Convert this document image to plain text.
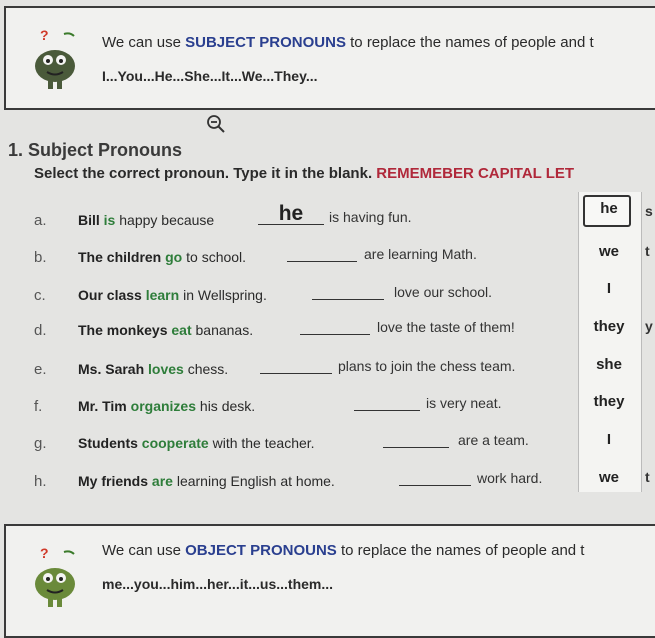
?	We can use SUBJECT PRONOUNS to replace the names of people and t
I...You...He...She...It...We...They...
1. Subject Pronouns
Select the correct pronoun. Type it in the blank. REMEMEBER CAPITAL LET
a. Bill is happy because	he	is having fun.
b. The children go to school.	are learning Math.
c. Our class learn in Wellspring.	love our school.
d. The monkeys eat bananas.	love the taste of them!
e. Ms. Sarah loves chess.	plans to join the chess team.
f.	Mr. Tim organizes his desk.	is very neat.
g. Students cooperate with the teacher.	are a team.
h. My friends are learning English at home.	work hard.
he
we
I
they
she
they
I
we
?	We can use OBJECT PRONOUNS to replace the names of people and t
me...you...him...her...it...us...them...
s
t
y
t
